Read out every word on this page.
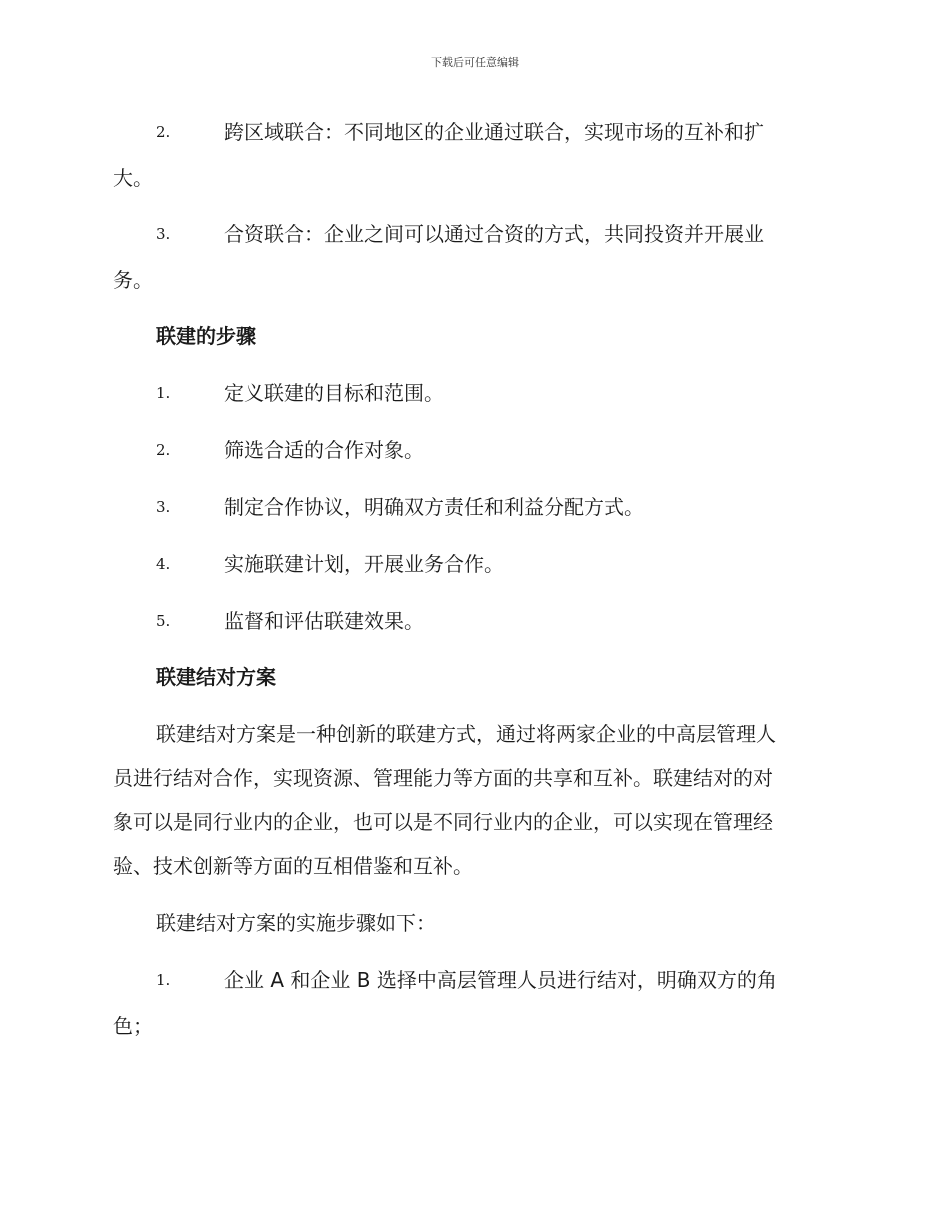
下载后可任意编辑
2.	跨区域联合：不同地区的企业通过联合，实现市场的互补和扩
大。
3.	合资联合：企业之间可以通过合资的方式，共同投资并开展业
务。
联建的步骤
1.	定义联建的目标和范围。
2.	筛选合适的合作对象。
3.	制定合作协议，明确双方责任和利益分配方式。
4.	实施联建计划，开展业务合作。
5.	监督和评估联建效果。
联建结对方案
联建结对方案是一种创新的联建方式，通过将两家企业的中高层管理人
员进行结对合作，实现资源、管理能力等方面的共享和互补。联建结对的对
象可以是同行业内的企业，也可以是不同行业内的企业，可以实现在管理经
验、技术创新等方面的互相借鉴和互补。
联建结对方案的实施步骤如下：
1.	企业 A 和企业 B 选择中高层管理人员进行结对，明确双方的角
色；
